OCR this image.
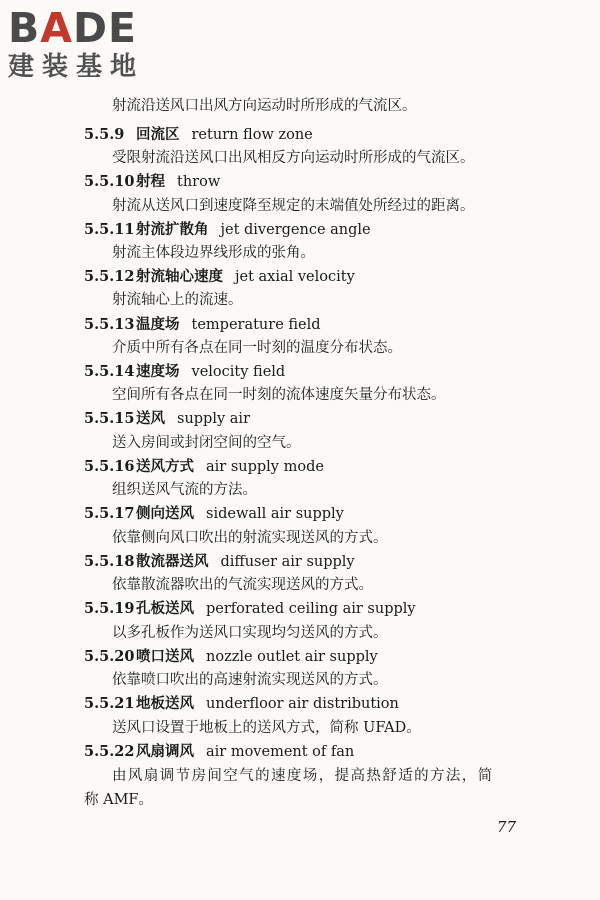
B A DE
建装基地
射流沿送风口出风方向运动时所形成的气流区。
5.5.9 回流区 return flow zone
受限射流沿送风口出风相反方向运动时所形成的气流区。
5.5.10 射程 throw
射流从送风口到速度降至规定的末端值处所经过的距离。
5.5.11 射流扩散角 jet divergence angle
射流主体段边界线形成的张角。
5.5.12 射流轴心速度 jet axial velocity
射流轴心上的流速。
5.5.13 温度场 temperature field
介质中所有各点在同一时刻的温度分布状态。
5.5.14 速度场 velocity field
空间所有各点在同一时刻的流体速度矢量分布状态。
5.5.15 送风 supply air
送入房间或封闭空间的空气。
5.5.16 送风方式 air supply mode
组织送风气流的方法。
5.5.17 侧向送风 sidewall air supply
依靠侧向风口吹出的射流实现送风的方式。
5.5.18 散流器送风 diffuser air supply
依靠散流器吹出的气流实现送风的方式。
5.5.19 孔板送风 perforated ceiling air supply
以多孔板作为送风口实现均匀送风的方式。
5.5.20 喷口送风 nozzle outlet air supply
依靠喷口吹出的高速射流实现送风的方式。
5.5.21 地板送风 underfloor air distribution
送风口设置于地板上的送风方式，简称 UFAD。
5.5.22 风扇调风 air movement of fan
由风扇调节房间空气的速度场，提高热舒适的方法，简
称 AMF。
77
